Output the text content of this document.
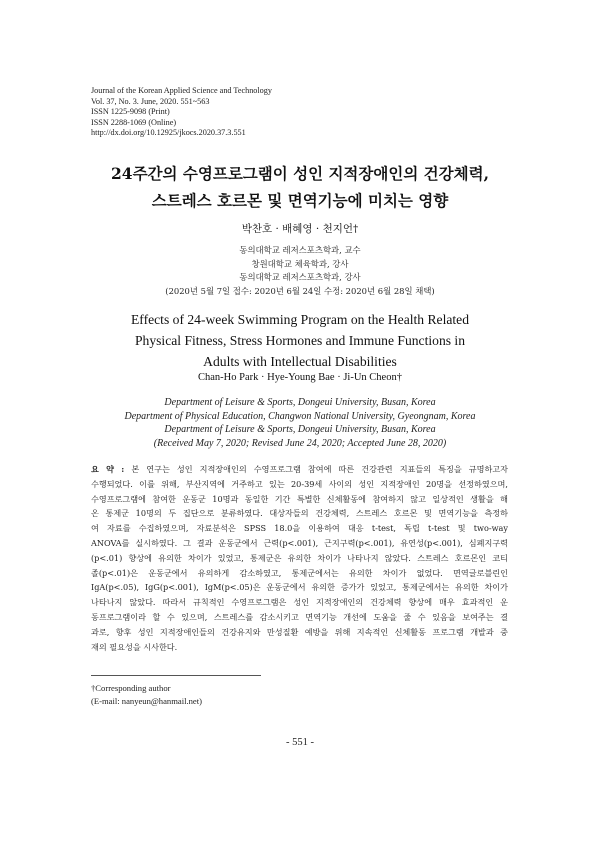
Journal of the Korean Applied Science and Technology
Vol. 37, No. 3. June, 2020. 551~563
ISSN 1225-9098 (Print)
ISSN 2288-1069 (Online)
http://dx.doi.org/10.12925/jkocs.2020.37.3.551
24주간의 수영프로그램이 성인 지적장애인의 건강체력,
스트레스 호르몬 및 면역기능에 미치는 영향
박찬호 · 배혜영 · 천지언†
동의대학교 레저스포츠학과, 교수
창원대학교 체육학과, 강사
동의대학교 레저스포츠학과, 강사
(2020년 5월 7일 접수: 2020년 6월 24일 수정: 2020년 6월 28일 채택)
Effects of 24-week Swimming Program on the Health Related
Physical Fitness, Stress Hormones and Immune Functions in
Adults with Intellectual Disabilities
Chan-Ho Park · Hye-Young Bae · Ji-Un Cheon†
Department of Leisure & Sports, Dongeui University, Busan, Korea
Department of Physical Education, Changwon National University, Gyeongnam, Korea
Department of Leisure & Sports, Dongeui University, Busan, Korea
(Received May 7, 2020; Revised June 24, 2020; Accepted June 28, 2020)
요 약 : 본 연구는 성인 지적장애인의 수영프로그램 참여에 따른 건강관련 지표들의 특징을 규명하고자
수행되었다. 이를 위해, 부산지역에 거주하고 있는 20-39세 사이의 성인 지적장애인 20명을 선정하였으며,
수영프로그램에 참여한 운동군 10명과 동일한 기간 특별한 신체활동에 참여하지 않고 일상적인 생활을 해
온 통제군 10명의 두 집단으로 분류하였다. 대상자들의 건강체력, 스트레스 호르몬 및 면역기능을 측정하
여 자료를 수집하였으며, 자료분석은 SPSS 18.0을 이용하여 대응 t-test, 독립 t-test 및 two-way
ANOVA를 실시하였다. 그 결과 운동군에서 근력(p<.001), 근지구력(p<.001), 유연성(p<.001), 심폐지구력
(p<.01) 향상에 유의한 차이가 있었고, 통제군은 유의한 차이가 나타나지 않았다. 스트레스 호르몬인 코티
졸(p<.01)은 운동군에서 유의하게 감소하였고, 통제군에서는 유의한 차이가 없었다. 면역글로블린인
IgA(p<.05), IgG(p<.001), IgM(p<.05)은 운동군에서 유의한 증가가 있었고, 통제군에서는 유의한 차이가
나타나지 않았다. 따라서 규칙적인 수영프로그램은 성인 지적장애인의 건강체력 향상에 매우 효과적인 운
동프로그램이라 할 수 있으며, 스트레스를 감소시키고 면역기능 개선에 도움을 줄 수 있음을 보여주는 결
과로, 향후 성인 지적장애인들의 건강유지와 만성질환 예방을 위해 지속적인 신체활동 프로그램 개발과 중
재의 필요성을 시사한다.
†Corresponding author
(E-mail: nanyeun@hanmail.net)
- 551 -
